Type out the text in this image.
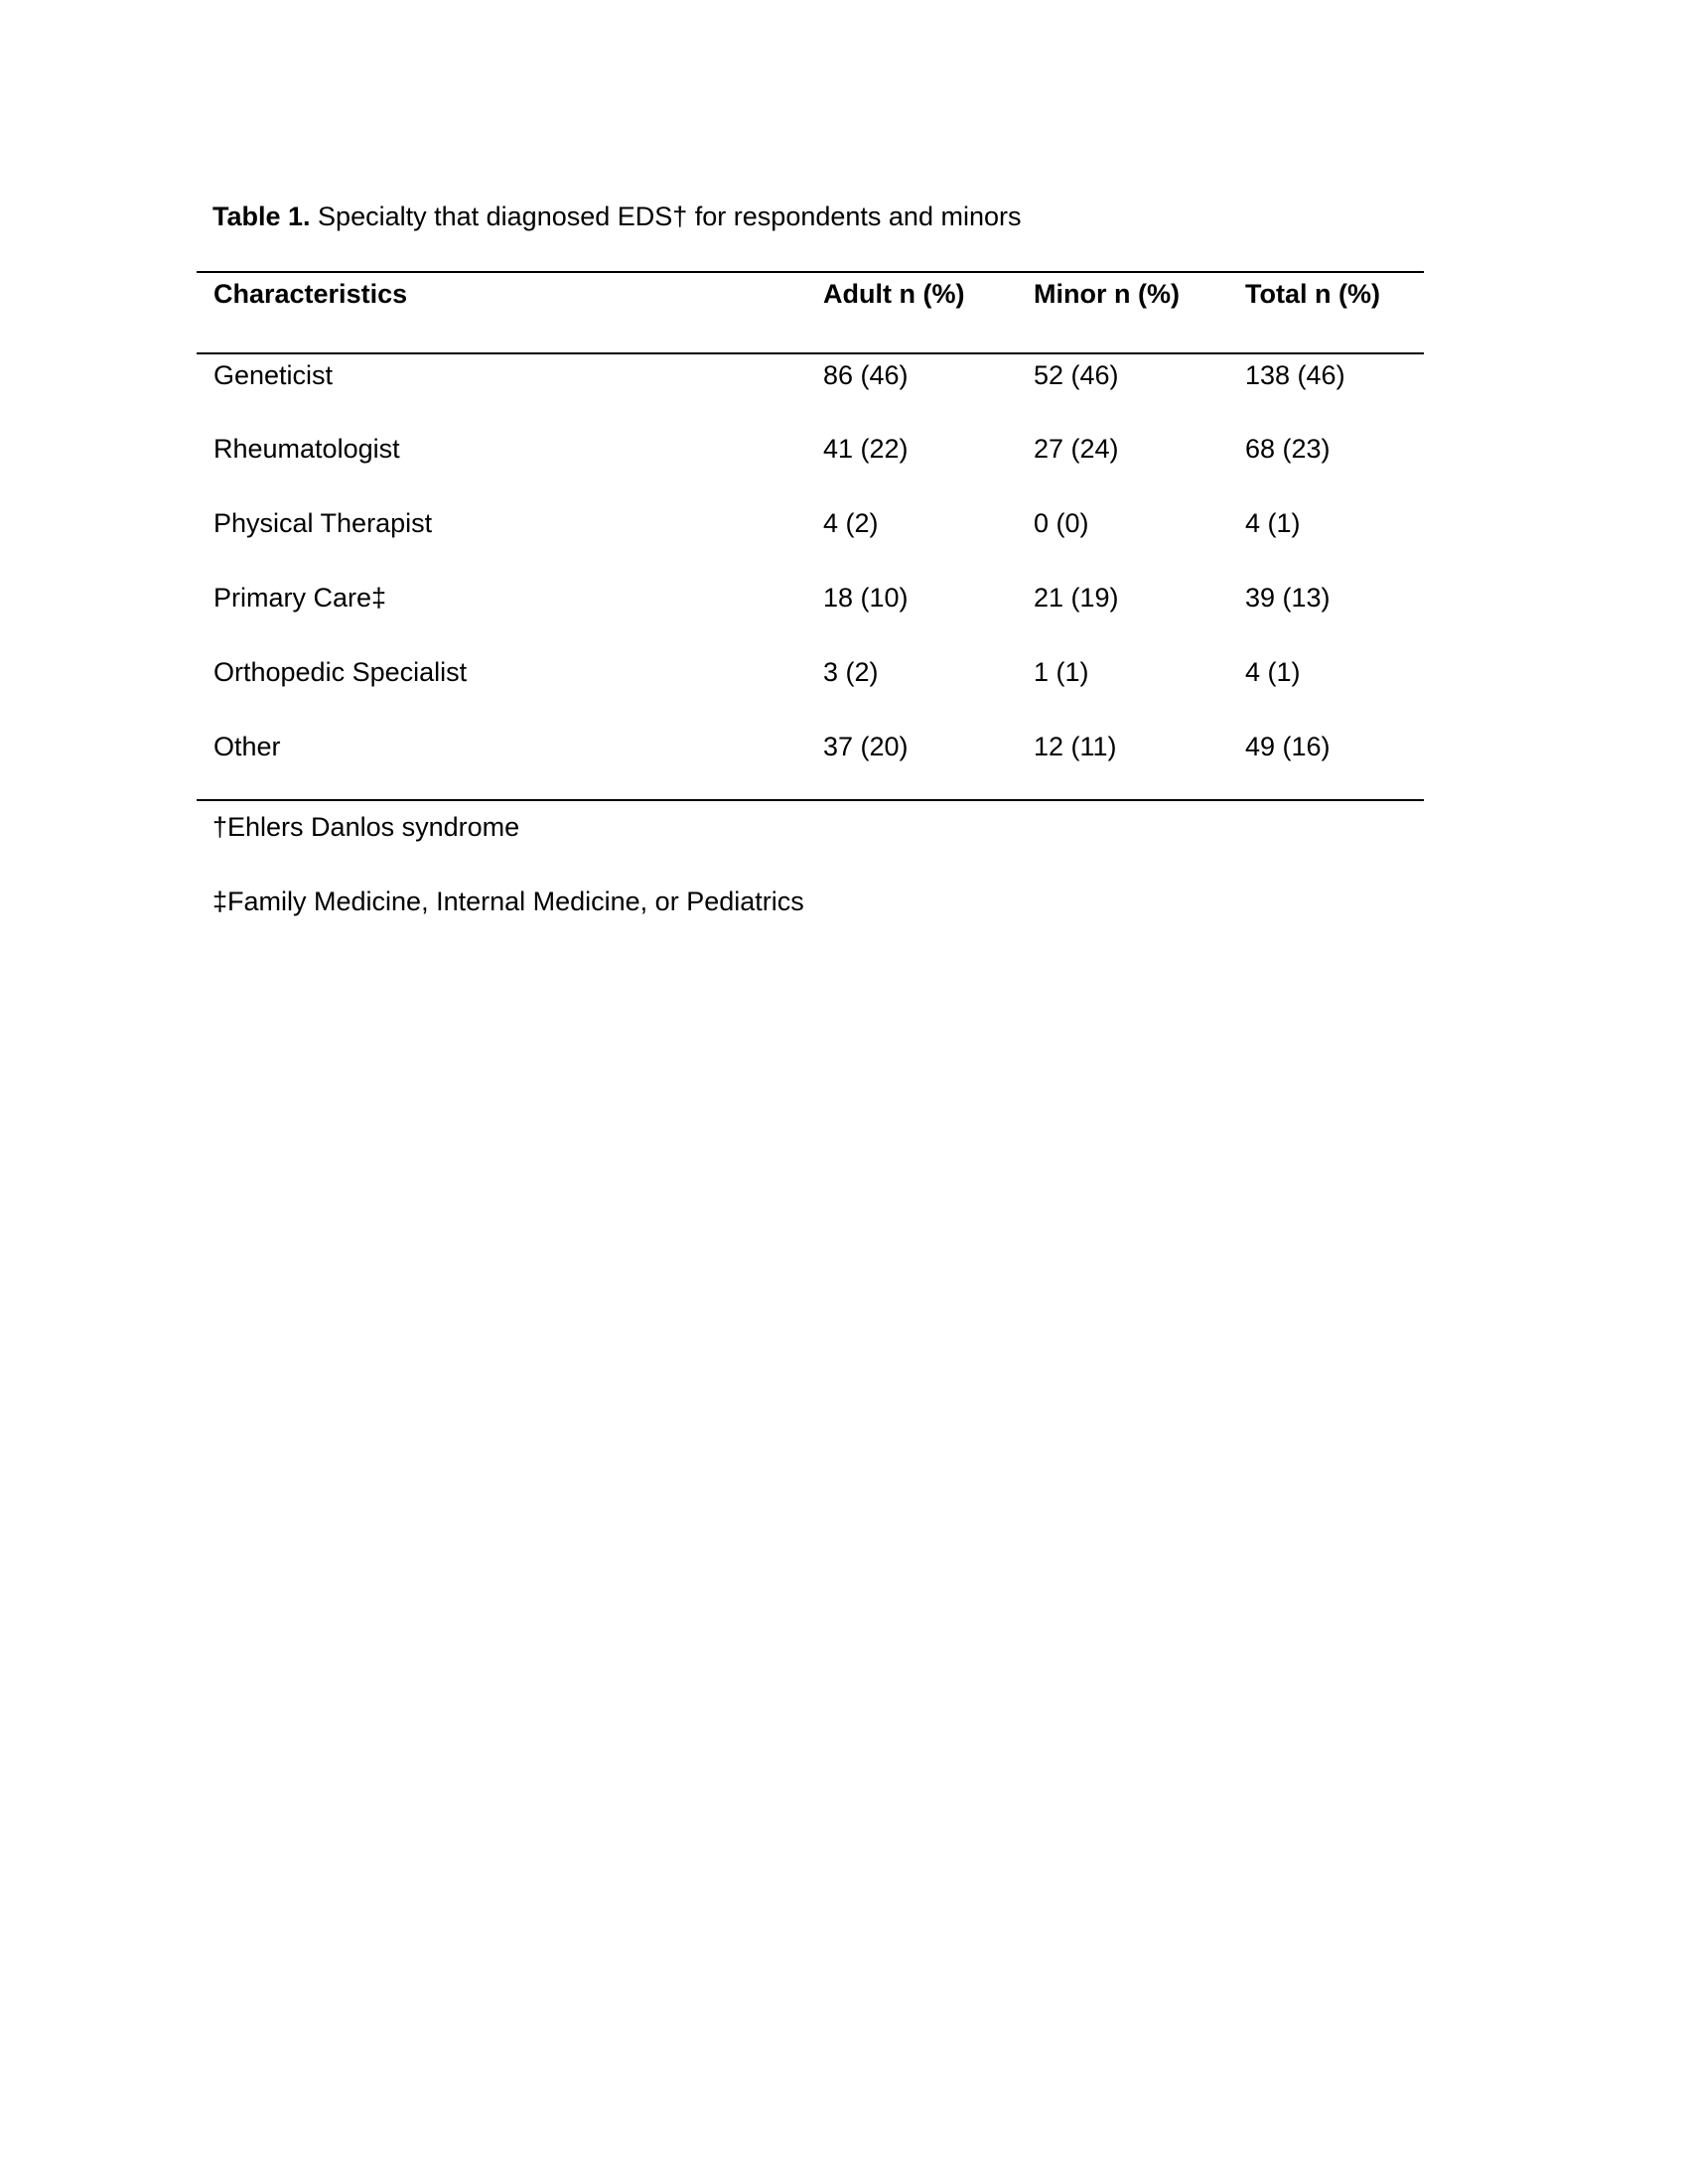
Table 1. Specialty that diagnosed EDS† for respondents and minors
Characteristics	Adult n (%)	Minor n (%)	Total n (%)
Geneticist	86 (46)	52 (46)	138 (46)
Rheumatologist	41 (22)	27 (24)	68 (23)
Physical Therapist	4 (2)	0 (0)	4 (1)
Primary Care‡	18 (10)	21 (19)	39 (13)
Orthopedic Specialist	3 (2)	1 (1)	4 (1)
Other	37 (20)	12 (11)	49 (16)
†Ehlers Danlos syndrome
‡Family Medicine, Internal Medicine, or Pediatrics
